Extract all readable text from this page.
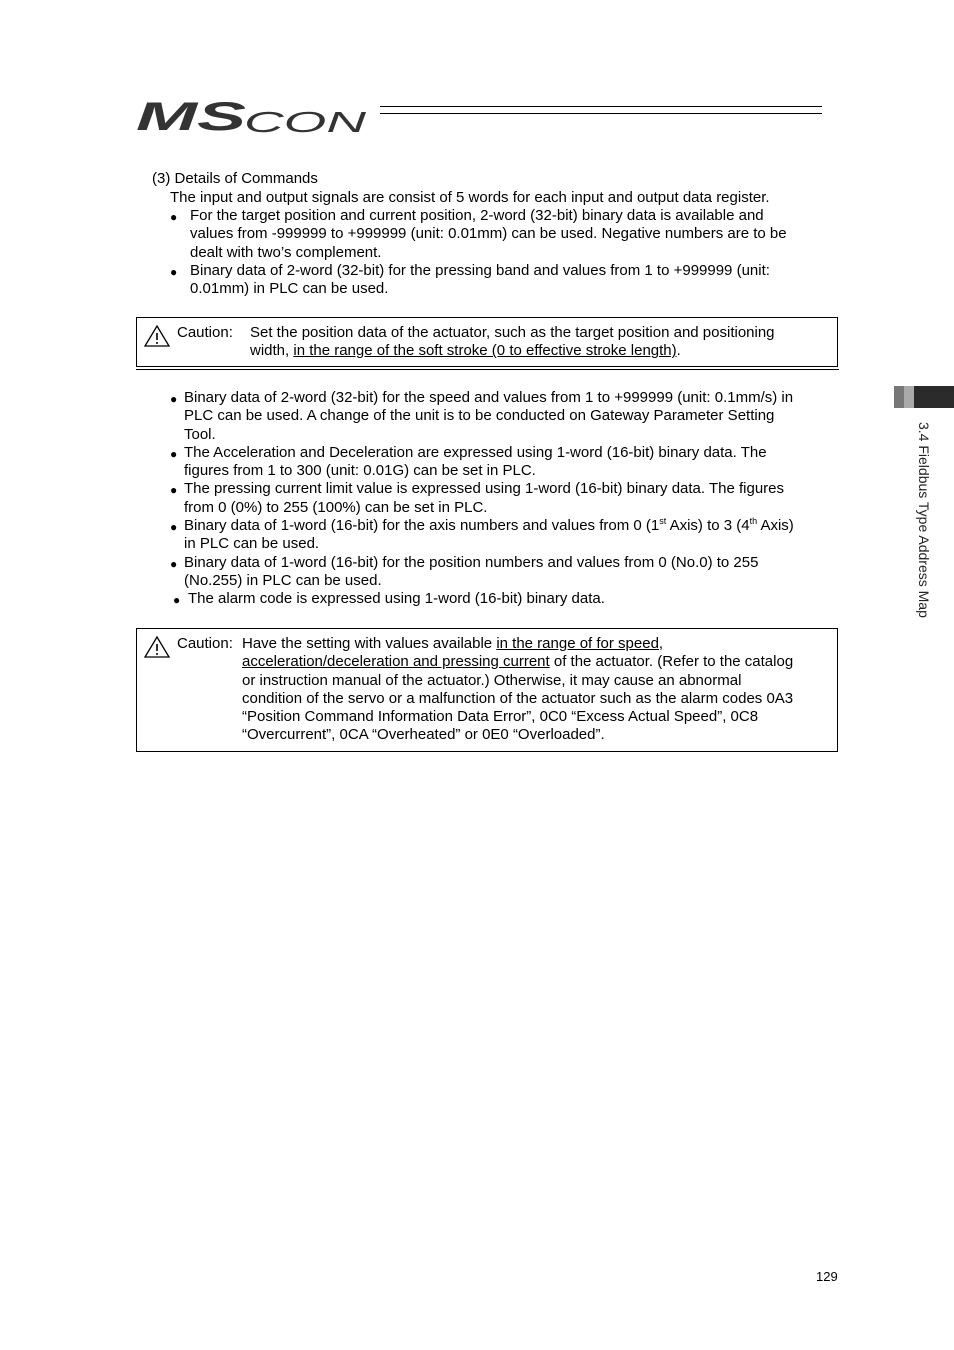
MS
CON
3.4 Fieldbus Type Address Map
(3) Details of Commands
The input and output signals are consist of 5 words for each input and output data register.
● For the target position and current position, 2-word (32-bit) binary data is available and
values from -999999 to +999999 (unit: 0.01mm) can be used. Negative numbers are to be
dealt with two’s complement.
● Binary data of 2-word (32-bit) for the pressing band and values from 1 to +999999 (unit:
0.01mm) in PLC can be used.
Caution: Set the position data of the actuator, such as the target position and positioning
width, in the range of the soft stroke (0 to effective stroke length).
● Binary data of 2-word (32-bit) for the speed and values from 1 to +999999 (unit: 0.1mm/s) in
PLC can be used. A change of the unit is to be conducted on Gateway Parameter Setting
Tool.
● The Acceleration and Deceleration are expressed using 1-word (16-bit) binary data. The
figures from 1 to 300 (unit: 0.01G) can be set in PLC.
● The pressing current limit value is expressed using 1-word (16-bit) binary data. The figures
from 0 (0%) to 255 (100%) can be set in PLC.
● Binary data of 1-word (16-bit) for the axis numbers and values from 0 (1st Axis) to 3 (4th Axis)
in PLC can be used.
● Binary data of 1-word (16-bit) for the position numbers and values from 0 (No.0) to 255
(No.255) in PLC can be used.
● The alarm code is expressed using 1-word (16-bit) binary data.
Caution: Have the setting with values available in the range of for speed,
acceleration/deceleration and pressing current of the actuator. (Refer to the catalog
or instruction manual of the actuator.) Otherwise, it may cause an abnormal
condition of the servo or a malfunction of the actuator such as the alarm codes 0A3
“Position Command Information Data Error”, 0C0 “Excess Actual Speed”, 0C8
“Overcurrent”, 0CA “Overheated” or 0E0 “Overloaded”.
129
